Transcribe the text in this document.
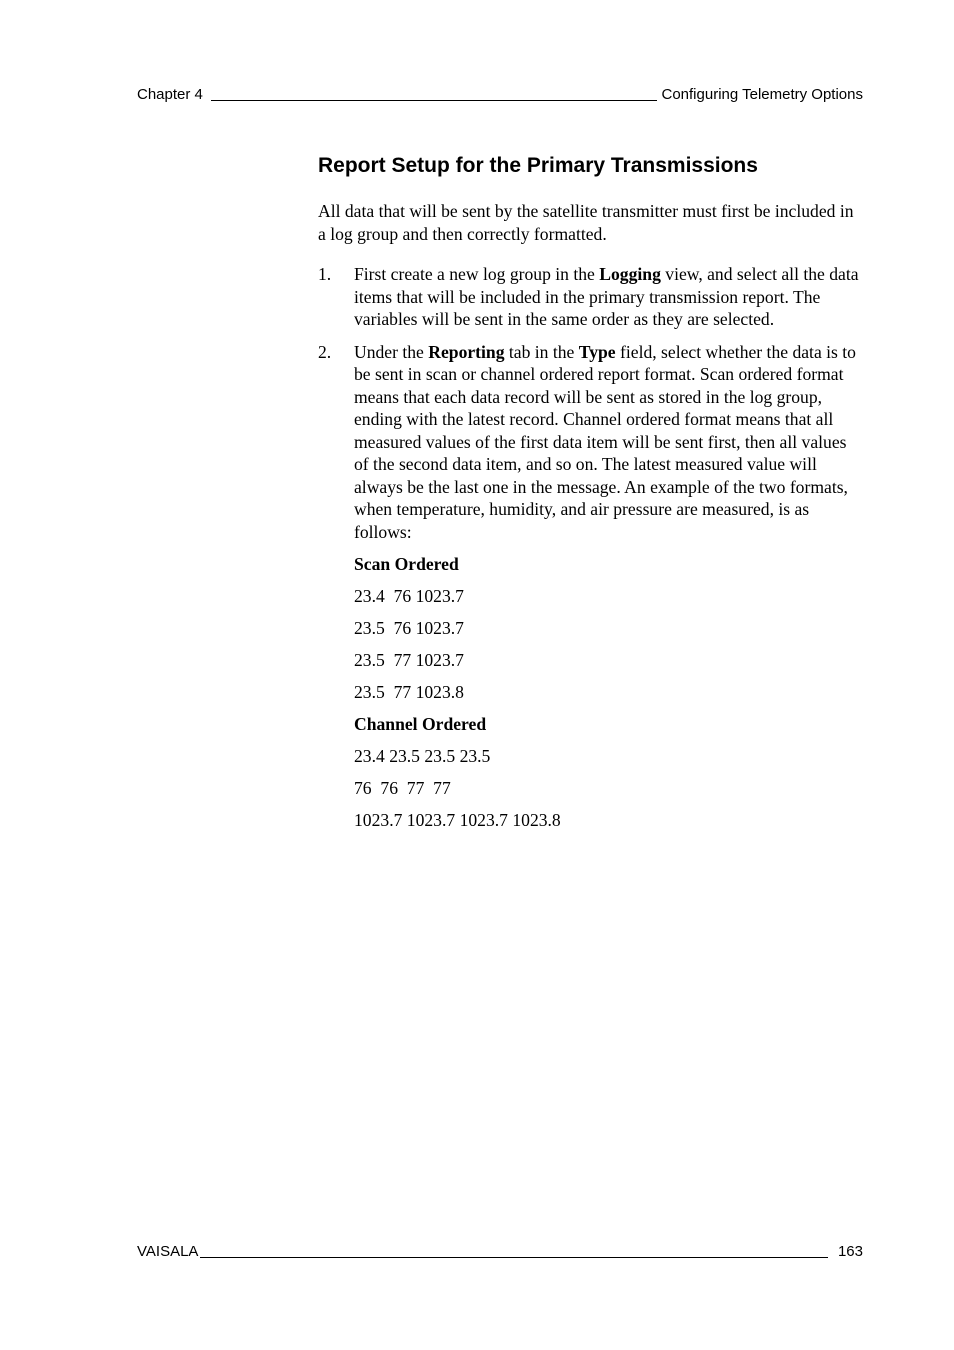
Chapter 4	Configuring Telemetry Options
Report Setup for the Primary Transmissions

All data that will be sent by the satellite transmitter must first be included in a log group and then correctly formatted.

1.	First create a new log group in the Logging view, and select all the data items that will be included in the primary transmission report. The variables will be sent in the same order as they are selected.
2.	Under the Reporting tab in the Type field, select whether the data is to be sent in scan or channel ordered report format. Scan ordered format means that each data record will be sent as stored in the log group, ending with the latest record. Channel ordered format means that all measured values of the first data item will be sent first, then all values of the second data item, and so on. The latest measured value will always be the last one in the message. An example of the two formats, when temperature, humidity, and air pressure are measured, is as follows:
Scan Ordered
23.4  76 1023.7
23.5  76 1023.7
23.5  77 1023.7
23.5  77 1023.8
Channel Ordered
23.4 23.5 23.5 23.5
76  76  77  77
1023.7 1023.7 1023.7 1023.8
VAISALA	163
